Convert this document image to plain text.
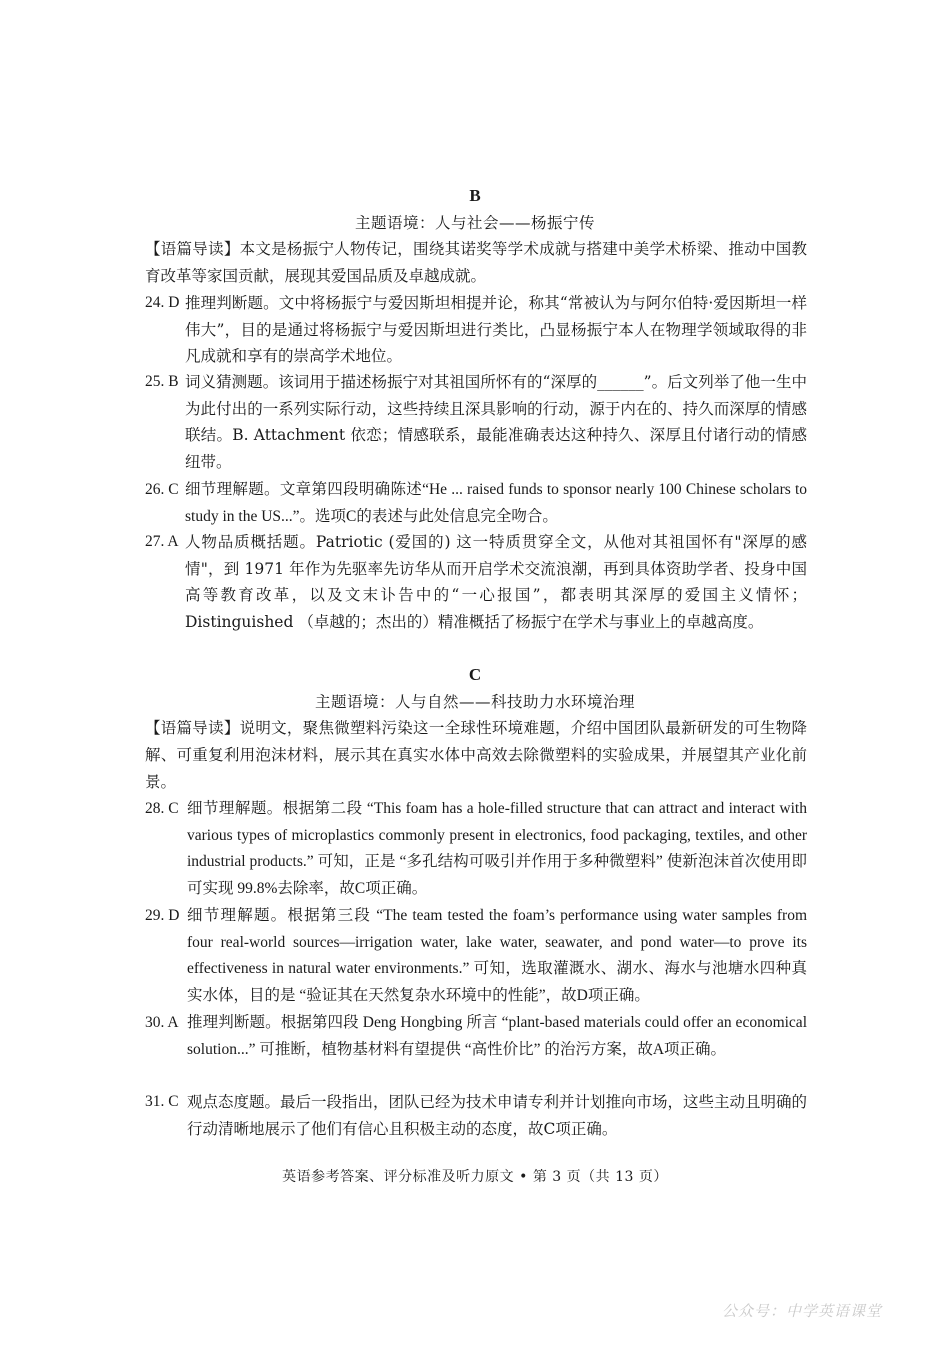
B
主题语境：人与社会——杨振宁传
【语篇导读】本文是杨振宁人物传记，围绕其诺奖等学术成就与搭建中美学术桥梁、推动中国教育改革等家国贡献，展现其爱国品质及卓越成就。
24. D 推理判断题。文中将杨振宁与爱因斯坦相提并论，称其“常被认为与阿尔伯特·爱因斯坦一样伟大”，目的是通过将杨振宁与爱因斯坦进行类比，凸显杨振宁本人在物理学领域取得的非凡成就和享有的崇高学术地位。
25. B 词义猜测题。该词用于描述杨振宁对其祖国所怀有的“深厚的______”。后文列举了他一生中为此付出的一系列实际行动，这些持续且深具影响的行动，源于内在的、持久而深厚的情感联结。B. Attachment 依恋；情感联系，最能准确表达这种持久、深厚且付诸行动的情感纽带。
26. C 细节理解题。文章第四段明确陈述“He ... raised funds to sponsor nearly 100 Chinese scholars to study in the US...”。选项C的表述与此处信息完全吻合。
27. A 人物品质概括题。Patriotic (爱国的) 这一特质贯穿全文，从他对其祖国怀有"深厚的感情"，到 1971 年作为先驱率先访华从而开启学术交流浪潮，再到具体资助学者、投身中国高等教育改革，以及文末讣告中的“一心报国”，都表明其深厚的爱国主义情怀；Distinguished （卓越的；杰出的）精准概括了杨振宁在学术与事业上的卓越高度。
C
主题语境：人与自然——科技助力水环境治理
【语篇导读】说明文，聚焦微塑料污染这一全球性环境难题，介绍中国团队最新研发的可生物降解、可重复利用泡沫材料，展示其在真实水体中高效去除微塑料的实验成果，并展望其产业化前景。
28. C 细节理解题。根据第二段 “This foam has a hole-filled structure that can attract and interact with various types of microplastics commonly present in electronics, food packaging, textiles, and other industrial products.” 可知，正是 “多孔结构可吸引并作用于多种微塑料” 使新泡沫首次使用即可实现 99.8%去除率，故C项正确。
29. D 细节理解题。根据第三段 “The team tested the foam’s performance using water samples from four real-world sources—irrigation water, lake water, seawater, and pond water—to prove its effectiveness in natural water environments.” 可知，选取灌溉水、湖水、海水与池塘水四种真实水体，目的是 “验证其在天然复杂水环境中的性能”，故D项正确。
30. A 推理判断题。根据第四段 Deng Hongbing 所言 “plant-based materials could offer an economical solution...” 可推断，植物基材料有望提供 “高性价比” 的治污方案，故A项正确。
31. C 观点态度题。最后一段指出，团队已经为技术申请专利并计划推向市场，这些主动且明确的行动清晰地展示了他们有信心且积极主动的态度，故C项正确。
英语参考答案、评分标准及听力原文 • 第 3 页（共 13 页）
公众号：中学英语课堂
